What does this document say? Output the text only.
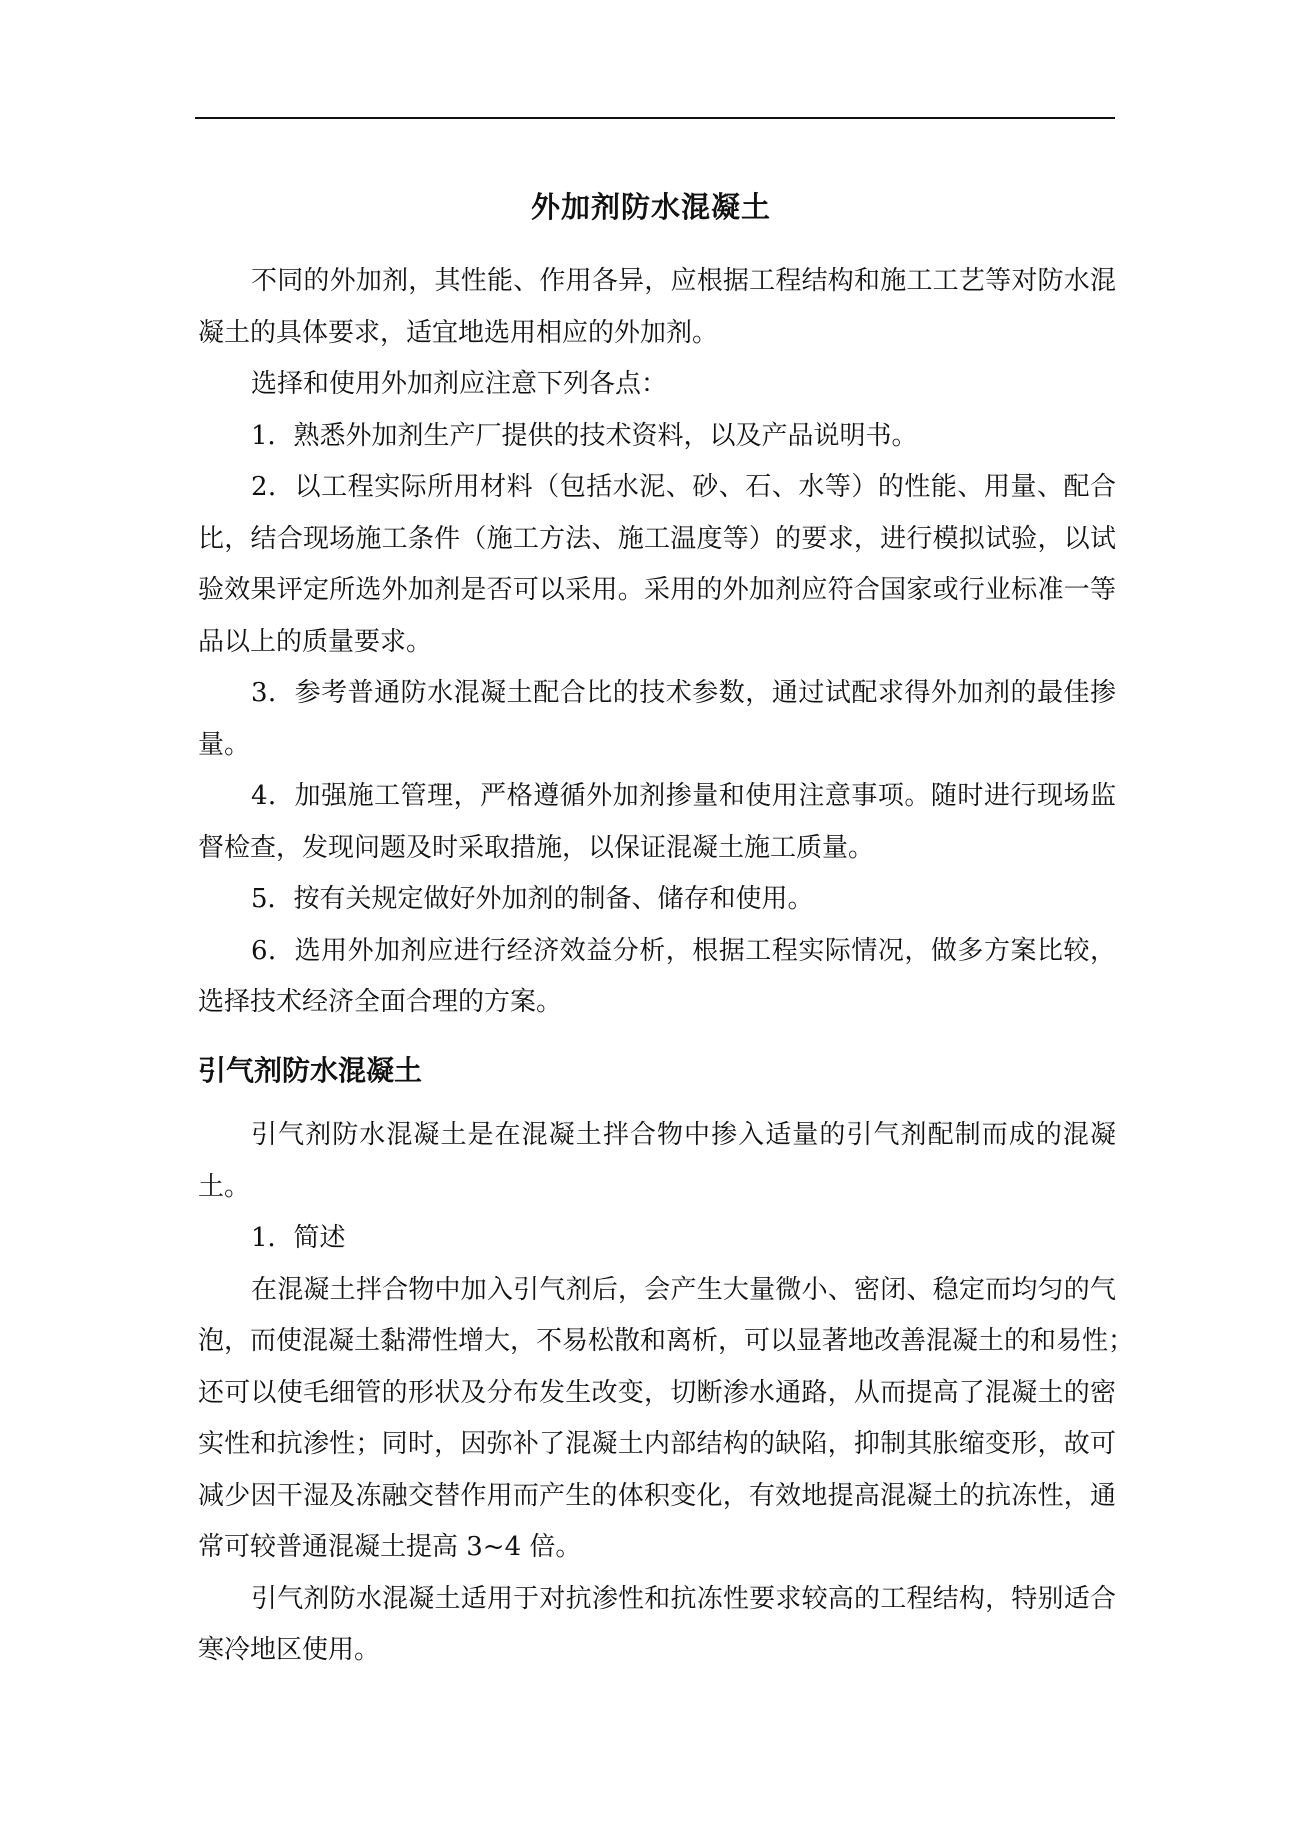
外加剂防水混凝土
不同的外加剂，其性能、作用各异，应根据工程结构和施工工艺等对防水混
凝土的具体要求，适宜地选用相应的外加剂。
选择和使用外加剂应注意下列各点：
1．熟悉外加剂生产厂提供的技术资料，以及产品说明书。
2．以工程实际所用材料（包括水泥、砂、石、水等）的性能、用量、配合
比，结合现场施工条件（施工方法、施工温度等）的要求，进行模拟试验，以试
验效果评定所选外加剂是否可以采用。采用的外加剂应符合国家或行业标准一等
品以上的质量要求。
3．参考普通防水混凝土配合比的技术参数，通过试配求得外加剂的最佳掺
量。
4．加强施工管理，严格遵循外加剂掺量和使用注意事项。随时进行现场监
督检查，发现问题及时采取措施，以保证混凝土施工质量。
5．按有关规定做好外加剂的制备、储存和使用。
6．选用外加剂应进行经济效益分析，根据工程实际情况，做多方案比较，
选择技术经济全面合理的方案。
引气剂防水混凝土
引气剂防水混凝土是在混凝土拌合物中掺入适量的引气剂配制而成的混凝
土。
1．简述
在混凝土拌合物中加入引气剂后，会产生大量微小、密闭、稳定而均匀的气
泡，而使混凝土黏滞性增大，不易松散和离析，可以显著地改善混凝土的和易性；
还可以使毛细管的形状及分布发生改变，切断渗水通路，从而提高了混凝土的密
实性和抗渗性；同时，因弥补了混凝土内部结构的缺陷，抑制其胀缩变形，故可
减少因干湿及冻融交替作用而产生的体积变化，有效地提高混凝土的抗冻性，通
常可较普通混凝土提高 3~4 倍。
引气剂防水混凝土适用于对抗渗性和抗冻性要求较高的工程结构，特别适合
寒冷地区使用。
